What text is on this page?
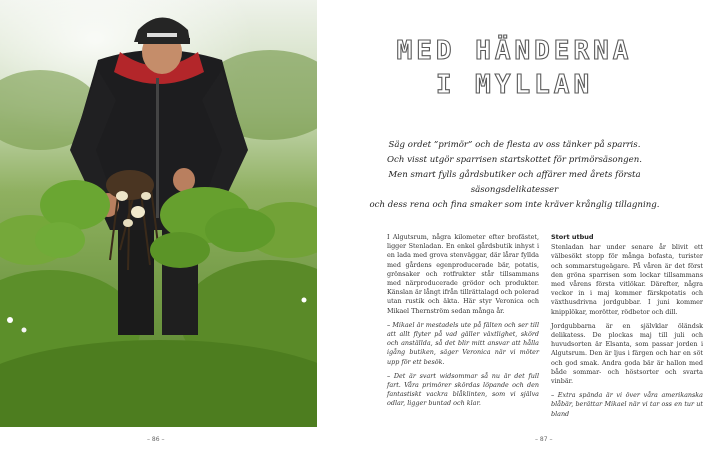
MED HÄNDERNA
I MYLLAN
Säg ordet ”primör” och de flesta av oss tänker på sparris.
Och visst utgör sparrisen startskottet för primörsäsongen.
Men smart fylls gårdsbutiker och affärer med årets första säsongsdelikatesser
och dess rena och fina smaker som inte kräver krånglig tillagning.

I Algutsrum, några kilometer efter brofästet, ligger Stenladan. En enkel gårdsbutik inhyst i en lada med grova stenväggar, där lårar fyllda med gårdens egenproducerade bär, potatis, grönsaker och rotfrukter står tillsammans med närproducerade grödor och produkter. Känslan är långt ifrån tillrättalagd och polerad utan rustik och äkta. Här styr Veronica och Mikael Thernström sedan många år.

– Mikael är mestadels ute på fälten och ser till att allt flyter på vad gäller växtlighet, skörd och anställda, så det blir mitt ansvar att hålla igång butiken, säger Veronica när vi möter upp för ett besök.

– Det är svart widsommar så nu är det full fart. Våra primörer skördas löpande och den fantastiskt vackra blåklinten, som vi själva odlar, ligger buntad och klar.

Stort utbud

Stenladan har under senare år blivit ett välbesökt stopp för många bofasta, turister och sommarstugeägare. På våren är det först den gröna sparrisen som lockar tillsammans med vårens första vitlökar. Därefter, några veckor in i maj kommer färskpotatis och växthusdrivna jordgubbar. I juni kommer knipplökar, morötter, rödbetor och dill.

Jordgubbarna är en självklar öländsk delikatess. De plockas maj till juli och huvudsorten är Elsanta, som passar jorden i Algutsrum. Den är ljus i färgen och har en söt och god smak. Andra goda bär är hallon med både sommar- och höstsorter och svarta vinbär.

– Extra spända är vi över våra amerikanska blåbär, berättar Mikael när vi tar oss en tur ut bland

– 86 –	– 87 –
